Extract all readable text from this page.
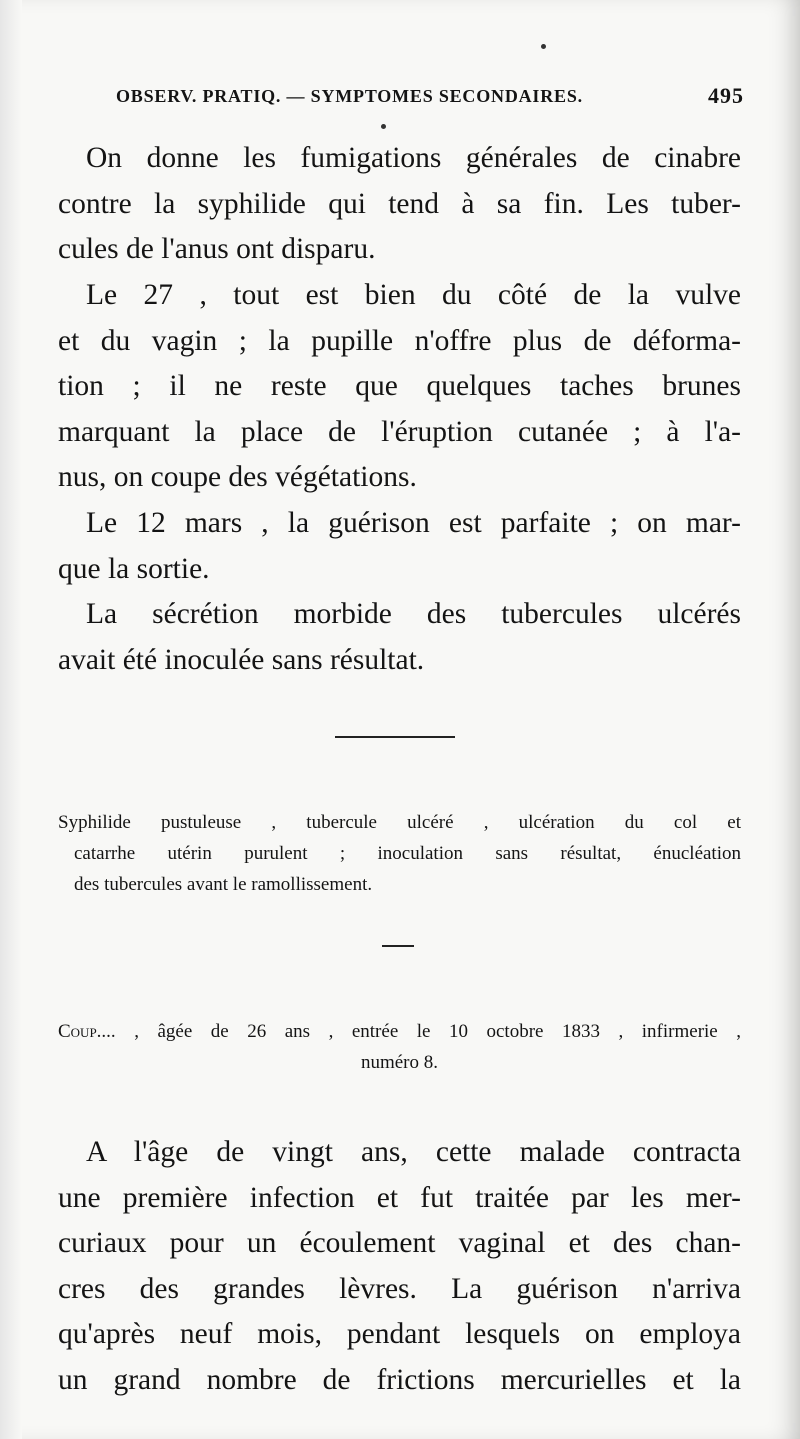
OBSERV. PRATIQ. — SYMPTOMES SECONDAIRES.	495
On donne les fumigations générales de cinabre
contre la syphilide qui tend à sa fin. Les tuber-
cules de l'anus ont disparu.
Le 27 , tout est bien du côté de la vulve
et du vagin ; la pupille n'offre plus de déforma-
tion ; il ne reste que quelques taches brunes
marquant la place de l'éruption cutanée ; à l'a-
nus, on coupe des végétations.
Le 12 mars , la guérison est parfaite ; on mar-
que la sortie.
La sécrétion morbide des tubercules ulcérés
avait été inoculée sans résultat.
Syphilide pustuleuse , tubercule ulcéré , ulcération du col et
catarrhe utérin purulent ; inoculation sans résultat, énucléation
des tubercules avant le ramollissement.
Coup.... , âgée de 26 ans , entrée le 10 octobre 1833 , infirmerie ,
numéro 8.
A l'âge de vingt ans, cette malade contracta
une première infection et fut traitée par les mer-
curiaux pour un écoulement vaginal et des chan-
cres des grandes lèvres. La guérison n'arriva
qu'après neuf mois, pendant lesquels on employa
un grand nombre de frictions mercurielles et la
